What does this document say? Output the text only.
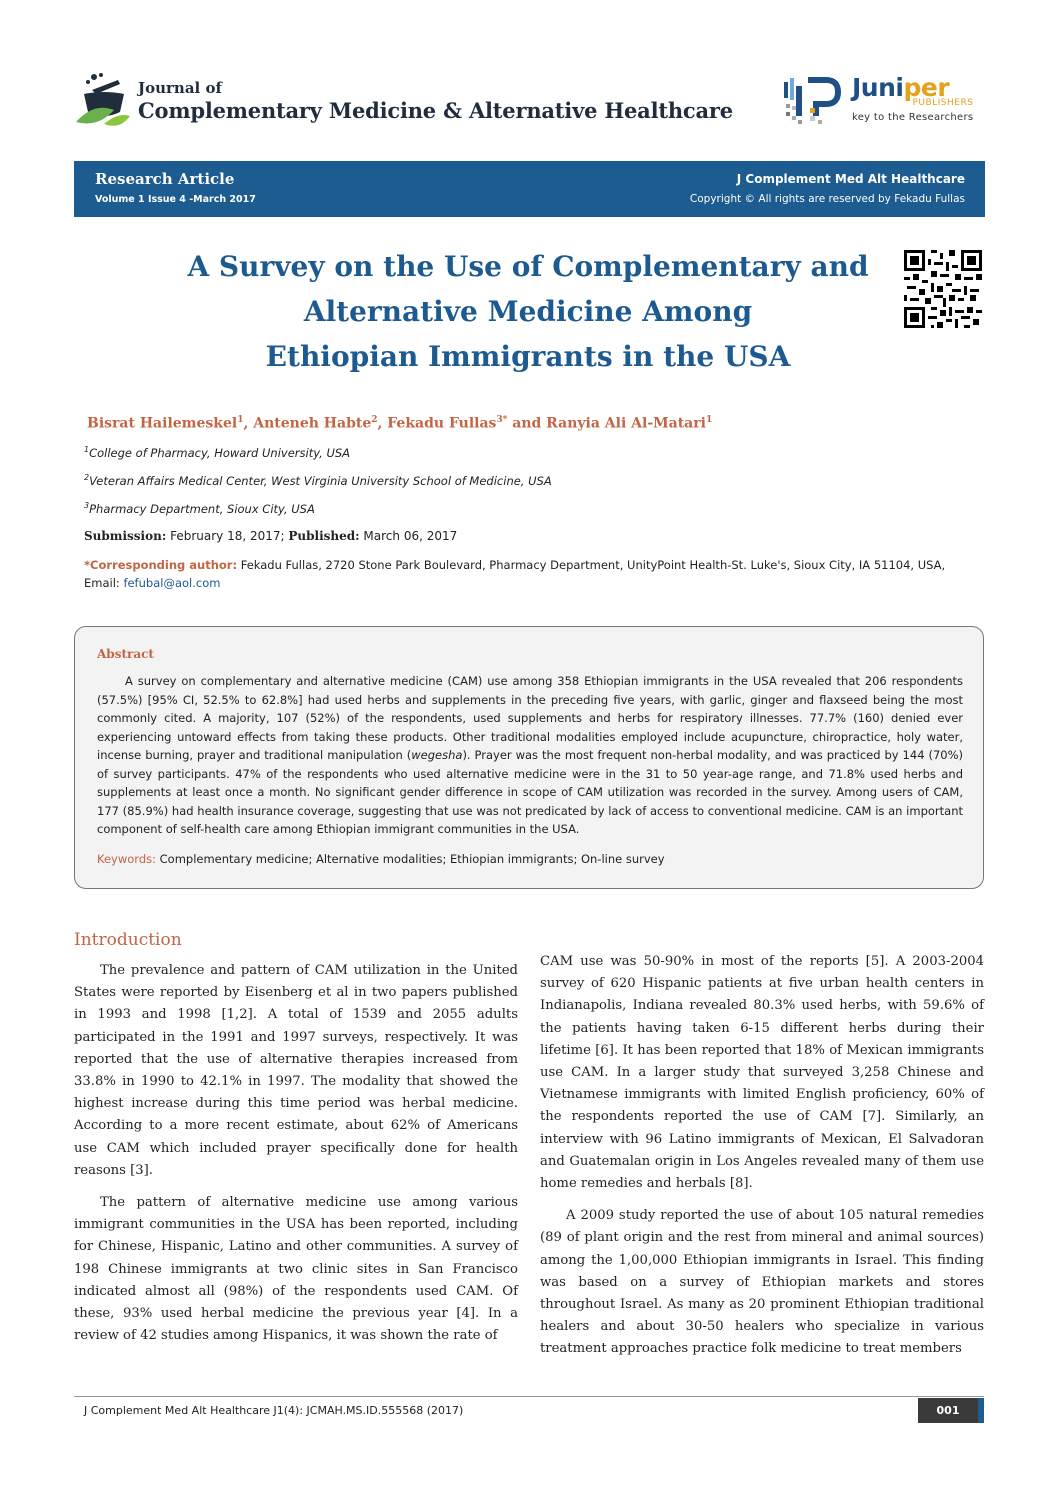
Journal of
Complementary Medicine & Alternative Healthcare
Juniper
PUBLISHERS
key to the Researchers
Research Article
Volume 1 Issue 4 -March 2017
J Complement Med Alt Healthcare
Copyright © All rights are reserved by Fekadu Fullas
A Survey on the Use of Complementary and
Alternative Medicine Among
Ethiopian Immigrants in the USA
Bisrat Hailemeskel$^1$, Anteneh Habte$^2$, Fekadu Fullas$^{3*}$ and Ranyia Ali Al-Matari$^1$
$^1$College of Pharmacy, Howard University, USA
$^2$Veteran Affairs Medical Center, West Virginia University School of Medicine, USA
$^3$Pharmacy Department, Sioux City, USA
Submission: February 18, 2017; Published: March 06, 2017
*Corresponding author: Fekadu Fullas, 2720 Stone Park Boulevard, Pharmacy Department, UnityPoint Health-St. Luke's, Sioux City, IA 51104, USA, Email: fefubal@aol.com
Abstract
A survey on complementary and alternative medicine (CAM) use among 358 Ethiopian immigrants in the USA revealed that 206 respondents (57.5%) [95% CI, 52.5% to 62.8%] had used herbs and supplements in the preceding five years, with garlic, ginger and flaxseed being the most commonly cited. A majority, 107 (52%) of the respondents, used supplements and herbs for respiratory illnesses. 77.7% (160) denied ever experiencing untoward effects from taking these products. Other traditional modalities employed include acupuncture, chiropractice, holy water, incense burning, prayer and traditional manipulation (wegesha). Prayer was the most frequent non-herbal modality, and was practiced by 144 (70%) of survey participants. 47% of the respondents who used alternative medicine were in the 31 to 50 year-age range, and 71.8% used herbs and supplements at least once a month. No significant gender difference in scope of CAM utilization was recorded in the survey. Among users of CAM, 177 (85.9%) had health insurance coverage, suggesting that use was not predicated by lack of access to conventional medicine. CAM is an important component of self-health care among Ethiopian immigrant communities in the USA.
Keywords: Complementary medicine; Alternative modalities; Ethiopian immigrants; On-line survey
Introduction

The prevalence and pattern of CAM utilization in the United States were reported by Eisenberg et al in two papers published in 1993 and 1998 [1,2]. A total of 1539 and 2055 adults participated in the 1991 and 1997 surveys, respectively. It was reported that the use of alternative therapies increased from 33.8% in 1990 to 42.1% in 1997. The modality that showed the highest increase during this time period was herbal medicine. According to a more recent estimate, about 62% of Americans use CAM which included prayer specifically done for health reasons [3].

The pattern of alternative medicine use among various immigrant communities in the USA has been reported, including for Chinese, Hispanic, Latino and other communities. A survey of 198 Chinese immigrants at two clinic sites in San Francisco indicated almost all (98%) of the respondents used CAM. Of these, 93% used herbal medicine the previous year [4]. In a review of 42 studies among Hispanics, it was shown the rate of

CAM use was 50-90% in most of the reports [5]. A 2003-2004 survey of 620 Hispanic patients at five urban health centers in Indianapolis, Indiana revealed 80.3% used herbs, with 59.6% of the patients having taken 6-15 different herbs during their lifetime [6]. It has been reported that 18% of Mexican immigrants use CAM. In a larger study that surveyed 3,258 Chinese and Vietnamese immigrants with limited English proficiency, 60% of the respondents reported the use of CAM [7]. Similarly, an interview with 96 Latino immigrants of Mexican, El Salvadoran and Guatemalan origin in Los Angeles revealed many of them use home remedies and herbals [8].

A 2009 study reported the use of about 105 natural remedies (89 of plant origin and the rest from mineral and animal sources) among the 1,00,000 Ethiopian immigrants in Israel. This finding was based on a survey of Ethiopian markets and stores throughout Israel. As many as 20 prominent Ethiopian traditional healers and about 30-50 healers who specialize in various treatment approaches practice folk medicine to treat members

J Complement Med Alt Healthcare J1(4): JCMAH.MS.ID.555568 (2017)	001
